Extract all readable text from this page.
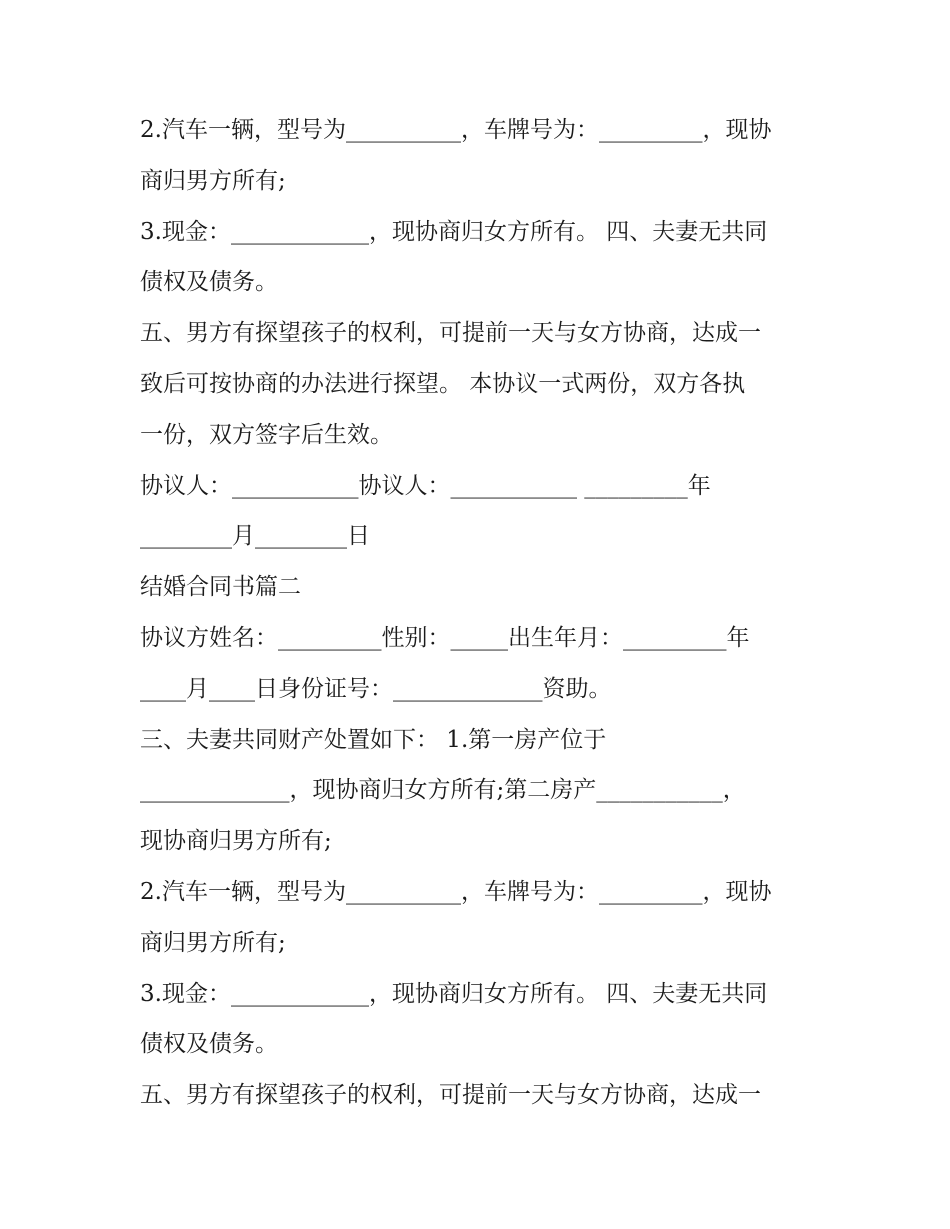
2.汽车一辆，型号为__________，车牌号为：_________，现协
商归男方所有;
3.现金：____________，现协商归女方所有。 四、夫妻无共同
债权及债务。
五、男方有探望孩子的权利，可提前一天与女方协商，达成一
致后可按协商的办法进行探望。 本协议一式两份，双方各执
一份，双方签字后生效。
协议人：___________协议人：___________ _________年
________月________日
结婚合同书篇二
协议方姓名：_________性别：_____出生年月：_________年
____月____日身份证号：_____________资助。
三、夫妻共同财产处置如下： 1.第一房产位于
_____________，现协商归女方所有;第二房产___________，
现协商归男方所有;
2.汽车一辆，型号为__________，车牌号为：_________，现协
商归男方所有;
3.现金：____________，现协商归女方所有。 四、夫妻无共同
债权及债务。
五、男方有探望孩子的权利，可提前一天与女方协商，达成一
